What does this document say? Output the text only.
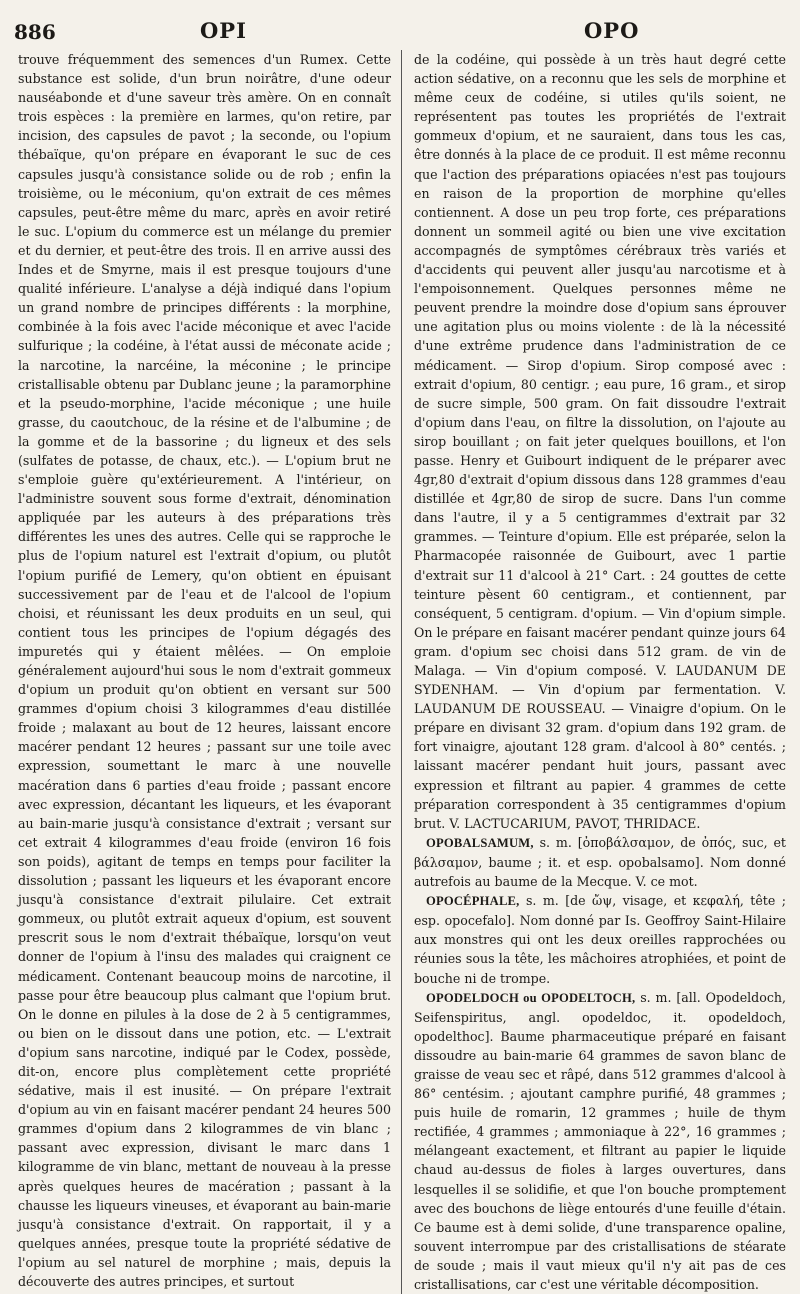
886	OPI	OPO

trouve fréquemment des semences d'un Rumex. Cette substance est solide, d'un brun noirâtre, d'une odeur nauséabonde et d'une saveur très amère. On en connaît trois espèces : la première en larmes, qu'on retire, par incision, des capsules de pavot ; la seconde, ou l'opium thébaïque, qu'on prépare en évaporant le suc de ces capsules jusqu'à consistance solide ou de rob ; enfin la troisième, ou le méconium, qu'on extrait de ces mêmes capsules, peut-être même du marc, après en avoir retiré le suc. L'opium du commerce est un mélange du premier et du dernier, et peut-être des trois. Il en arrive aussi des Indes et de Smyrne, mais il est presque toujours d'une qualité inférieure. L'analyse a déjà indiqué dans l'opium un grand nombre de principes différents : la morphine, combinée à la fois avec l'acide méconique et avec l'acide sulfurique ; la codéine, à l'état aussi de méconate acide ; la narcotine, la narcéine, la méconine ; le principe cristallisable obtenu par Dublanc jeune ; la paramorphine et la pseudo-morphine, l'acide méconique ; une huile grasse, du caoutchouc, de la résine et de l'albumine ; de la gomme et de la bassorine ; du ligneux et des sels (sulfates de potasse, de chaux, etc.). — L'opium brut ne s'emploie guère qu'extérieurement. A l'intérieur, on l'administre souvent sous forme d'extrait, dénomination appliquée par les auteurs à des préparations très différentes les unes des autres. Celle qui se rapproche le plus de l'opium naturel est l'extrait d'opium, ou plutôt l'opium purifié de Lemery, qu'on obtient en épuisant successivement par de l'eau et de l'alcool de l'opium choisi, et réunissant les deux produits en un seul, qui contient tous les principes de l'opium dégagés des impuretés qui y étaient mêlées. — On emploie généralement aujourd'hui sous le nom d'extrait gommeux d'opium un produit qu'on obtient en versant sur 500 grammes d'opium choisi 3 kilogrammes d'eau distillée froide ; malaxant au bout de 12 heures, laissant encore macérer pendant 12 heures ; passant sur une toile avec expression, soumettant le marc à une nouvelle macération dans 6 parties d'eau froide ; passant encore avec expression, décantant les liqueurs, et les évaporant au bain-marie jusqu'à consistance d'extrait ; versant sur cet extrait 4 kilogrammes d'eau froide (environ 16 fois son poids), agitant de temps en temps pour faciliter la dissolution ; passant les liqueurs et les évaporant encore jusqu'à consistance d'extrait pilulaire. Cet extrait gommeux, ou plutôt extrait aqueux d'opium, est souvent prescrit sous le nom d'extrait thébaïque, lorsqu'on veut donner de l'opium à l'insu des malades qui craignent ce médicament. Contenant beaucoup moins de narcotine, il passe pour être beaucoup plus calmant que l'opium brut. On le donne en pilules à la dose de 2 à 5 centigrammes, ou bien on le dissout dans une potion, etc. — L'extrait d'opium sans narcotine, indiqué par le Codex, possède, dit-on, encore plus complètement cette propriété sédative, mais il est inusité. — On prépare l'extrait d'opium au vin en faisant macérer pendant 24 heures 500 grammes d'opium dans 2 kilogrammes de vin blanc ; passant avec expression, divisant le marc dans 1 kilogramme de vin blanc, mettant de nouveau à la presse après quelques heures de macération ; passant à la chausse les liqueurs vineuses, et évaporant au bain-marie jusqu'à consistance d'extrait. On rapportait, il y a quelques années, presque toute la propriété sédative de l'opium au sel naturel de morphine ; mais, depuis la découverte des autres principes, et surtout

de la codéine, qui possède à un très haut degré cette action sédative, on a reconnu que les sels de morphine et même ceux de codéine, si utiles qu'ils soient, ne représentent pas toutes les propriétés de l'extrait gommeux d'opium, et ne sauraient, dans tous les cas, être donnés à la place de ce produit. Il est même reconnu que l'action des préparations opiacées n'est pas toujours en raison de la proportion de morphine qu'elles contiennent. A dose un peu trop forte, ces préparations donnent un sommeil agité ou bien une vive excitation accompagnés de symptômes cérébraux très variés et d'accidents qui peuvent aller jusqu'au narcotisme et à l'empoisonnement. Quelques personnes même ne peuvent prendre la moindre dose d'opium sans éprouver une agitation plus ou moins violente : de là la nécessité d'une extrême prudence dans l'administration de ce médicament. — Sirop d'opium. Sirop composé avec : extrait d'opium, 80 centigr. ; eau pure, 16 gram., et sirop de sucre simple, 500 gram. On fait dissoudre l'extrait d'opium dans l'eau, on filtre la dissolution, on l'ajoute au sirop bouillant ; on fait jeter quelques bouillons, et l'on passe. Henry et Guibourt indiquent de le préparer avec 4gr,80 d'extrait d'opium dissous dans 128 grammes d'eau distillée et 4gr,80 de sirop de sucre. Dans l'un comme dans l'autre, il y a 5 centigrammes d'extrait par 32 grammes. — Teinture d'opium. Elle est préparée, selon la Pharmacopée raisonnée de Guibourt, avec 1 partie d'extrait sur 11 d'alcool à 21° Cart. : 24 gouttes de cette teinture pèsent 60 centigram., et contiennent, par conséquent, 5 centigram. d'opium. — Vin d'opium simple. On le prépare en faisant macérer pendant quinze jours 64 gram. d'opium sec choisi dans 512 gram. de vin de Malaga. — Vin d'opium composé. V. LAUDANUM DE SYDENHAM. — Vin d'opium par fermentation. V. LAUDANUM DE ROUSSEAU. — Vinaigre d'opium. On le prépare en divisant 32 gram. d'opium dans 192 gram. de fort vinaigre, ajoutant 128 gram. d'alcool à 80° centés. ; laissant macérer pendant huit jours, passant avec expression et filtrant au papier. 4 grammes de cette préparation correspondent à 35 centigrammes d'opium brut. V. LACTUCARIUM, PAVOT, THRIDACE.

OPOBALSAMUM, s. m. [ὀποβάλσαμον, de ὀπός, suc, et βάλσαμον, baume ; it. et esp. opobalsamo]. Nom donné autrefois au baume de la Mecque. V. ce mot.

OPOCÉPHALE, s. m. [de ὤψ, visage, et κεφαλή, tête ; esp. opocefalo]. Nom donné par Is. Geoffroy Saint-Hilaire aux monstres qui ont les deux oreilles rapprochées ou réunies sous la tête, les mâchoires atrophiées, et point de bouche ni de trompe.

OPODELDOCH ou OPODELTOCH, s. m. [all. Opodeldoch, Seifenspiritus, angl. opodeldoc, it. opodeldoch, opodelthoc]. Baume pharmaceutique préparé en faisant dissoudre au bain-marie 64 grammes de savon blanc de graisse de veau sec et râpé, dans 512 grammes d'alcool à 86° centésim. ; ajoutant camphre purifié, 48 grammes ; puis huile de romarin, 12 grammes ; huile de thym rectifiée, 4 grammes ; ammoniaque à 22°, 16 grammes ; mélangeant exactement, et filtrant au papier le liquide chaud au-dessus de fioles à larges ouvertures, dans lesquelles il se solidifie, et que l'on bouche promptement avec des bouchons de liège entourés d'une feuille d'étain. Ce baume est à demi solide, d'une transparence opaline, souvent interrompue par des cristallisations de stéarate de soude ; mais il vaut mieux qu'il n'y ait pas de ces cristallisations, car c'est une véritable décomposition.
